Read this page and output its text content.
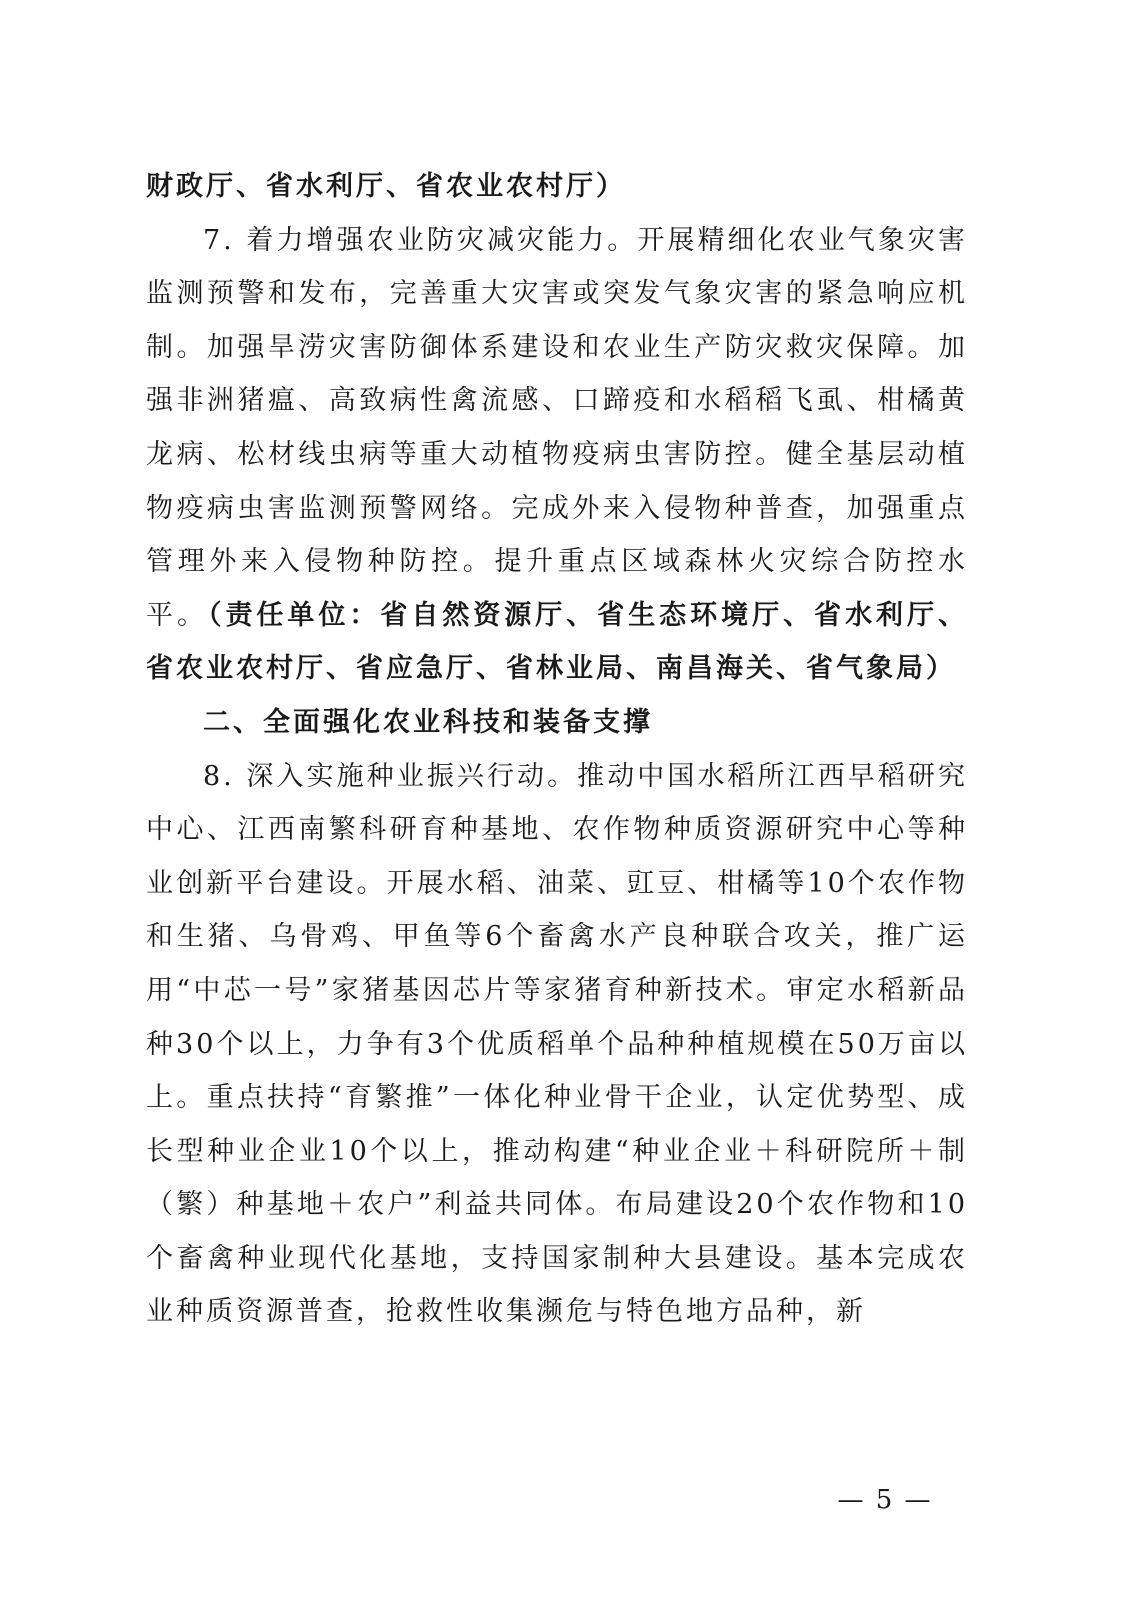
财政厅、省水利厅、省农业农村厅）

7. 着力增强农业防灾减灾能力。开展精细化农业气象灾害监测预警和发布，完善重大灾害或突发气象灾害的紧急响应机制。加强旱涝灾害防御体系建设和农业生产防灾救灾保障。加强非洲猪瘟、高致病性禽流感、口蹄疫和水稻稻飞虱、柑橘黄龙病、松材线虫病等重大动植物疫病虫害防控。健全基层动植物疫病虫害监测预警网络。完成外来入侵物种普查，加强重点管理外来入侵物种防控。提升重点区域森林火灾综合防控水平。（责任单位：省自然资源厅、省生态环境厅、省水利厅、省农业农村厅、省应急厅、省林业局、南昌海关、省气象局）

二、全面强化农业科技和装备支撑

8. 深入实施种业振兴行动。推动中国水稻所江西早稻研究中心、江西南繁科研育种基地、农作物种质资源研究中心等种业创新平台建设。开展水稻、油菜、豇豆、柑橘等10个农作物和生猪、乌骨鸡、甲鱼等6个畜禽水产良种联合攻关，推广运用“中芯一号”家猪基因芯片等家猪育种新技术。审定水稻新品种30个以上，力争有3个优质稻单个品种种植规模在50万亩以上。重点扶持“育繁推”一体化种业骨干企业，认定优势型、成长型种业企业10个以上，推动构建“种业企业＋科研院所＋制（繁）种基地＋农户”利益共同体。布局建设20个农作物和10个畜禽种业现代化基地，支持国家制种大县建设。基本完成农业种质资源普查，抢救性收集濒危与特色地方品种，新

— 5 —
